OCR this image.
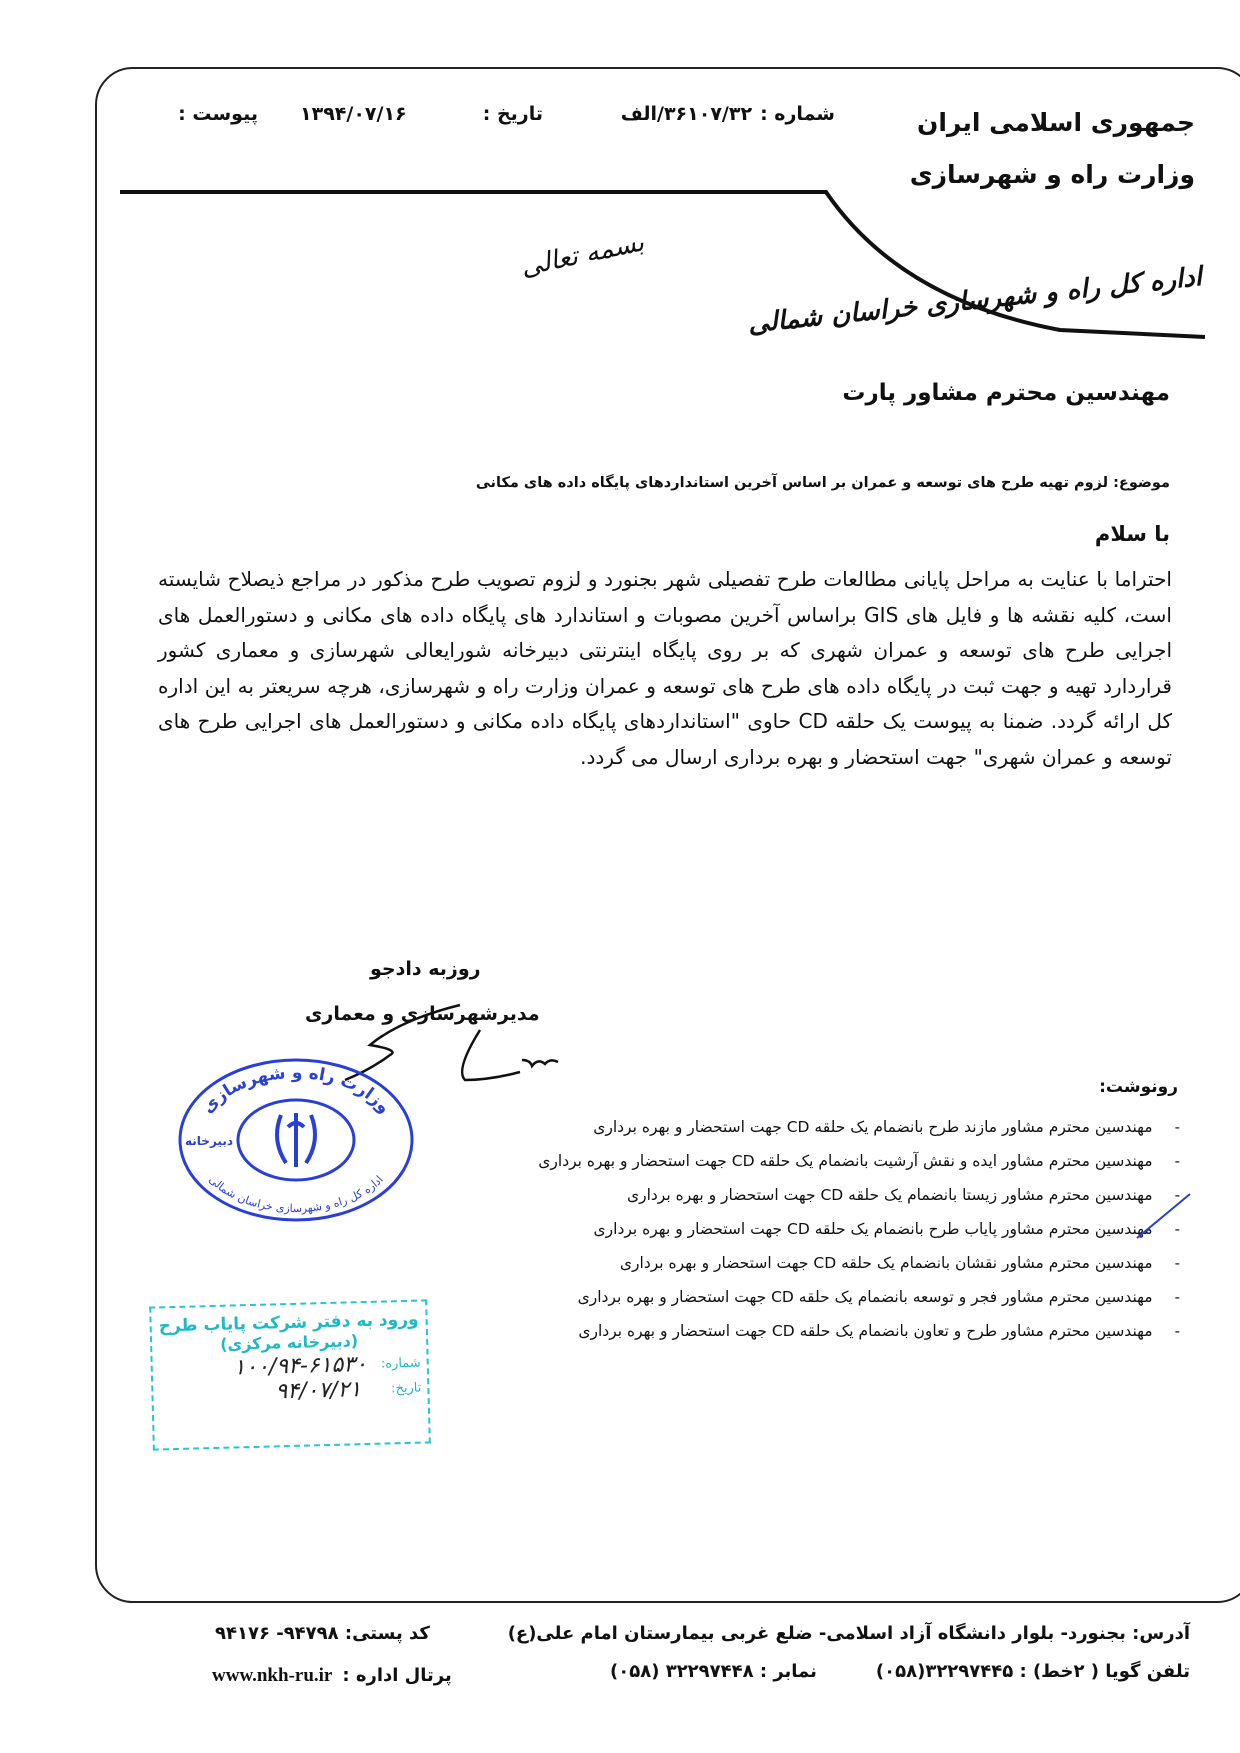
جمهوری اسلامی ایران
وزارت راه و شهرسازی
اداره کل راه و شهرسازی خراسان شمالی
شماره :
۳۶۱۰۷/۳۲/الف
تاریخ :
۱۳۹۴/۰۷/۱۶
پیوست :
بسمه تعالی
مهندسین محترم مشاور پارت
موضوع: لزوم تهیه طرح های توسعه و عمران بر اساس آخرین استانداردهای پایگاه داده های مکانی
با سلام
احتراما با عنایت به مراحل پایانی مطالعات طرح تفصیلی شهر بجنورد و لزوم تصویب طرح مذکور در مراجع ذیصلاح شایسته است، کلیه نقشه ها و فایل های GIS براساس آخرین مصوبات و استاندارد های پایگاه داده های مکانی و دستورالعمل های اجرایی طرح های توسعه و عمران شهری که بر روی پایگاه اینترنتی دبیرخانه شورایعالی شهرسازی و معماری کشور قراردارد تهیه و جهت ثبت در پایگاه داده های طرح های توسعه و عمران وزارت راه و شهرسازی، هرچه سریعتر به این اداره کل ارائه گردد. ضمنا به پیوست یک حلقه CD حاوی "استانداردهای پایگاه داده مکانی و دستورالعمل های اجرایی طرح های توسعه و عمران شهری" جهت استحضار و بهره برداری ارسال می گردد.
روزبه دادجو
مدیرشهرسازی و معماری
وزارت راه و شهرسازی
اداره کل راه و شهرسازی خراسان شمالی
دبیرخانه
رونوشت:
-
مهندسین محترم مشاور مازند طرح بانضمام یک حلقه CD جهت استحضار و بهره برداری
-
مهندسین محترم مشاور ایده و نقش آرشیت بانضمام یک حلقه CD جهت استحضار و بهره برداری
-
مهندسین محترم مشاور زیستا بانضمام یک حلقه CD جهت استحضار و بهره برداری
-
مهندسین محترم مشاور پایاب طرح بانضمام یک حلقه CD جهت استحضار و بهره برداری
-
مهندسین محترم مشاور نقشان بانضمام یک حلقه CD جهت استحضار و بهره برداری
-
مهندسین محترم مشاور فجر و توسعه بانضمام یک حلقه CD جهت استحضار و بهره برداری
-
مهندسین محترم مشاور طرح و تعاون بانضمام یک حلقه CD جهت استحضار و بهره برداری
ورود به دفتر شرکت پایاب طرح
(دبیرخانه مرکزی)
شماره:
۱۰۰/۹۴-۶۱۵۳۰
تاریخ:
۹۴/۰۷/۲۱
آدرس: بجنورد- بلوار دانشگاه آزاد اسلامی- ضلع غربی بیمارستان امام علی(ع)
کد پستی: ۹۴۷۹۸- ۹۴۱۷۶
تلفن گویا ( ۲خط) : ۳۲۲۹۷۴۴۵(۰۵۸)
نمابر : ۳۲۲۹۷۴۴۸ (۰۵۸)
پرتال اداره :
www.nkh-ru.ir
